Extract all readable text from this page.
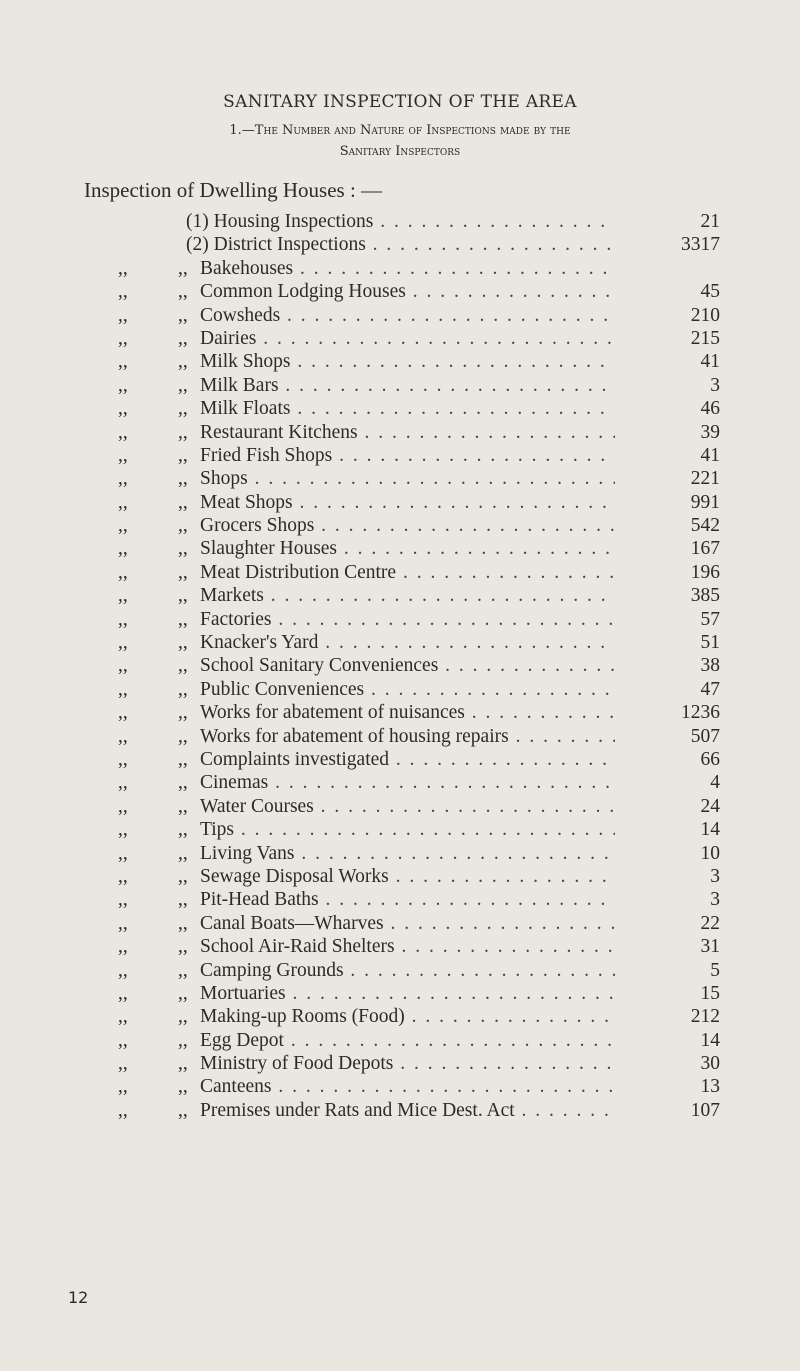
SANITARY INSPECTION OF THE AREA
1.—The Number and Nature of Inspections made by the
Sanitary Inspectors
Inspection of Dwelling Houses : —
(1) Housing Inspections . . .	21
(2) District Inspections . . .	3317
,,	,, Bakehouses . . .
,,	,, Common Lodging Houses . . .	45
,,	,, Cowsheds . . .	210
,,	,, Dairies . . .	215
,,	,, Milk Shops . . .	41
,,	,, Milk Bars . . .	3
,,	,, Milk Floats . . .	46
,,	,, Restaurant Kitchens . . .	39
,,	,, Fried Fish Shops . . .	41
,,	,, Shops . . .	221
,,	,, Meat Shops . . .	991
,,	,, Grocers Shops . . .	542
,,	,, Slaughter Houses . . .	167
,,	,, Meat Distribution Centre . . .	196
,,	,, Markets . . .	385
,,	,, Factories . . .	57
,,	,, Knacker's Yard . . .	51
,,	,, School Sanitary Conveniences . . .	38
,,	,, Public Conveniences . . .	47
,,	,, Works for abatement of nuisances . . .	1236
,,	,, Works for abatement of housing repairs . . .	507
,,	,, Complaints investigated . . .	66
,,	,, Cinemas . . .	4
,,	,, Water Courses . . .	24
,,	,, Tips . . .	14
,,	,, Living Vans . . .	10
,,	,, Sewage Disposal Works . . .	3
,,	,, Pit-Head Baths . . .	3
,,	,, Canal Boats—Wharves . . .	22
,,	,, School Air-Raid Shelters . . .	31
,,	,, Camping Grounds . . .	5
,,	,, Mortuaries . . .	15
,,	,, Making-up Rooms (Food) . . .	212
,,	,, Egg Depot . . .	14
,,	,, Ministry of Food Depots . . .	30
,,	,, Canteens . . .	13
,,	,, Premises under Rats and Mice Dest. Act . . .	107
12
